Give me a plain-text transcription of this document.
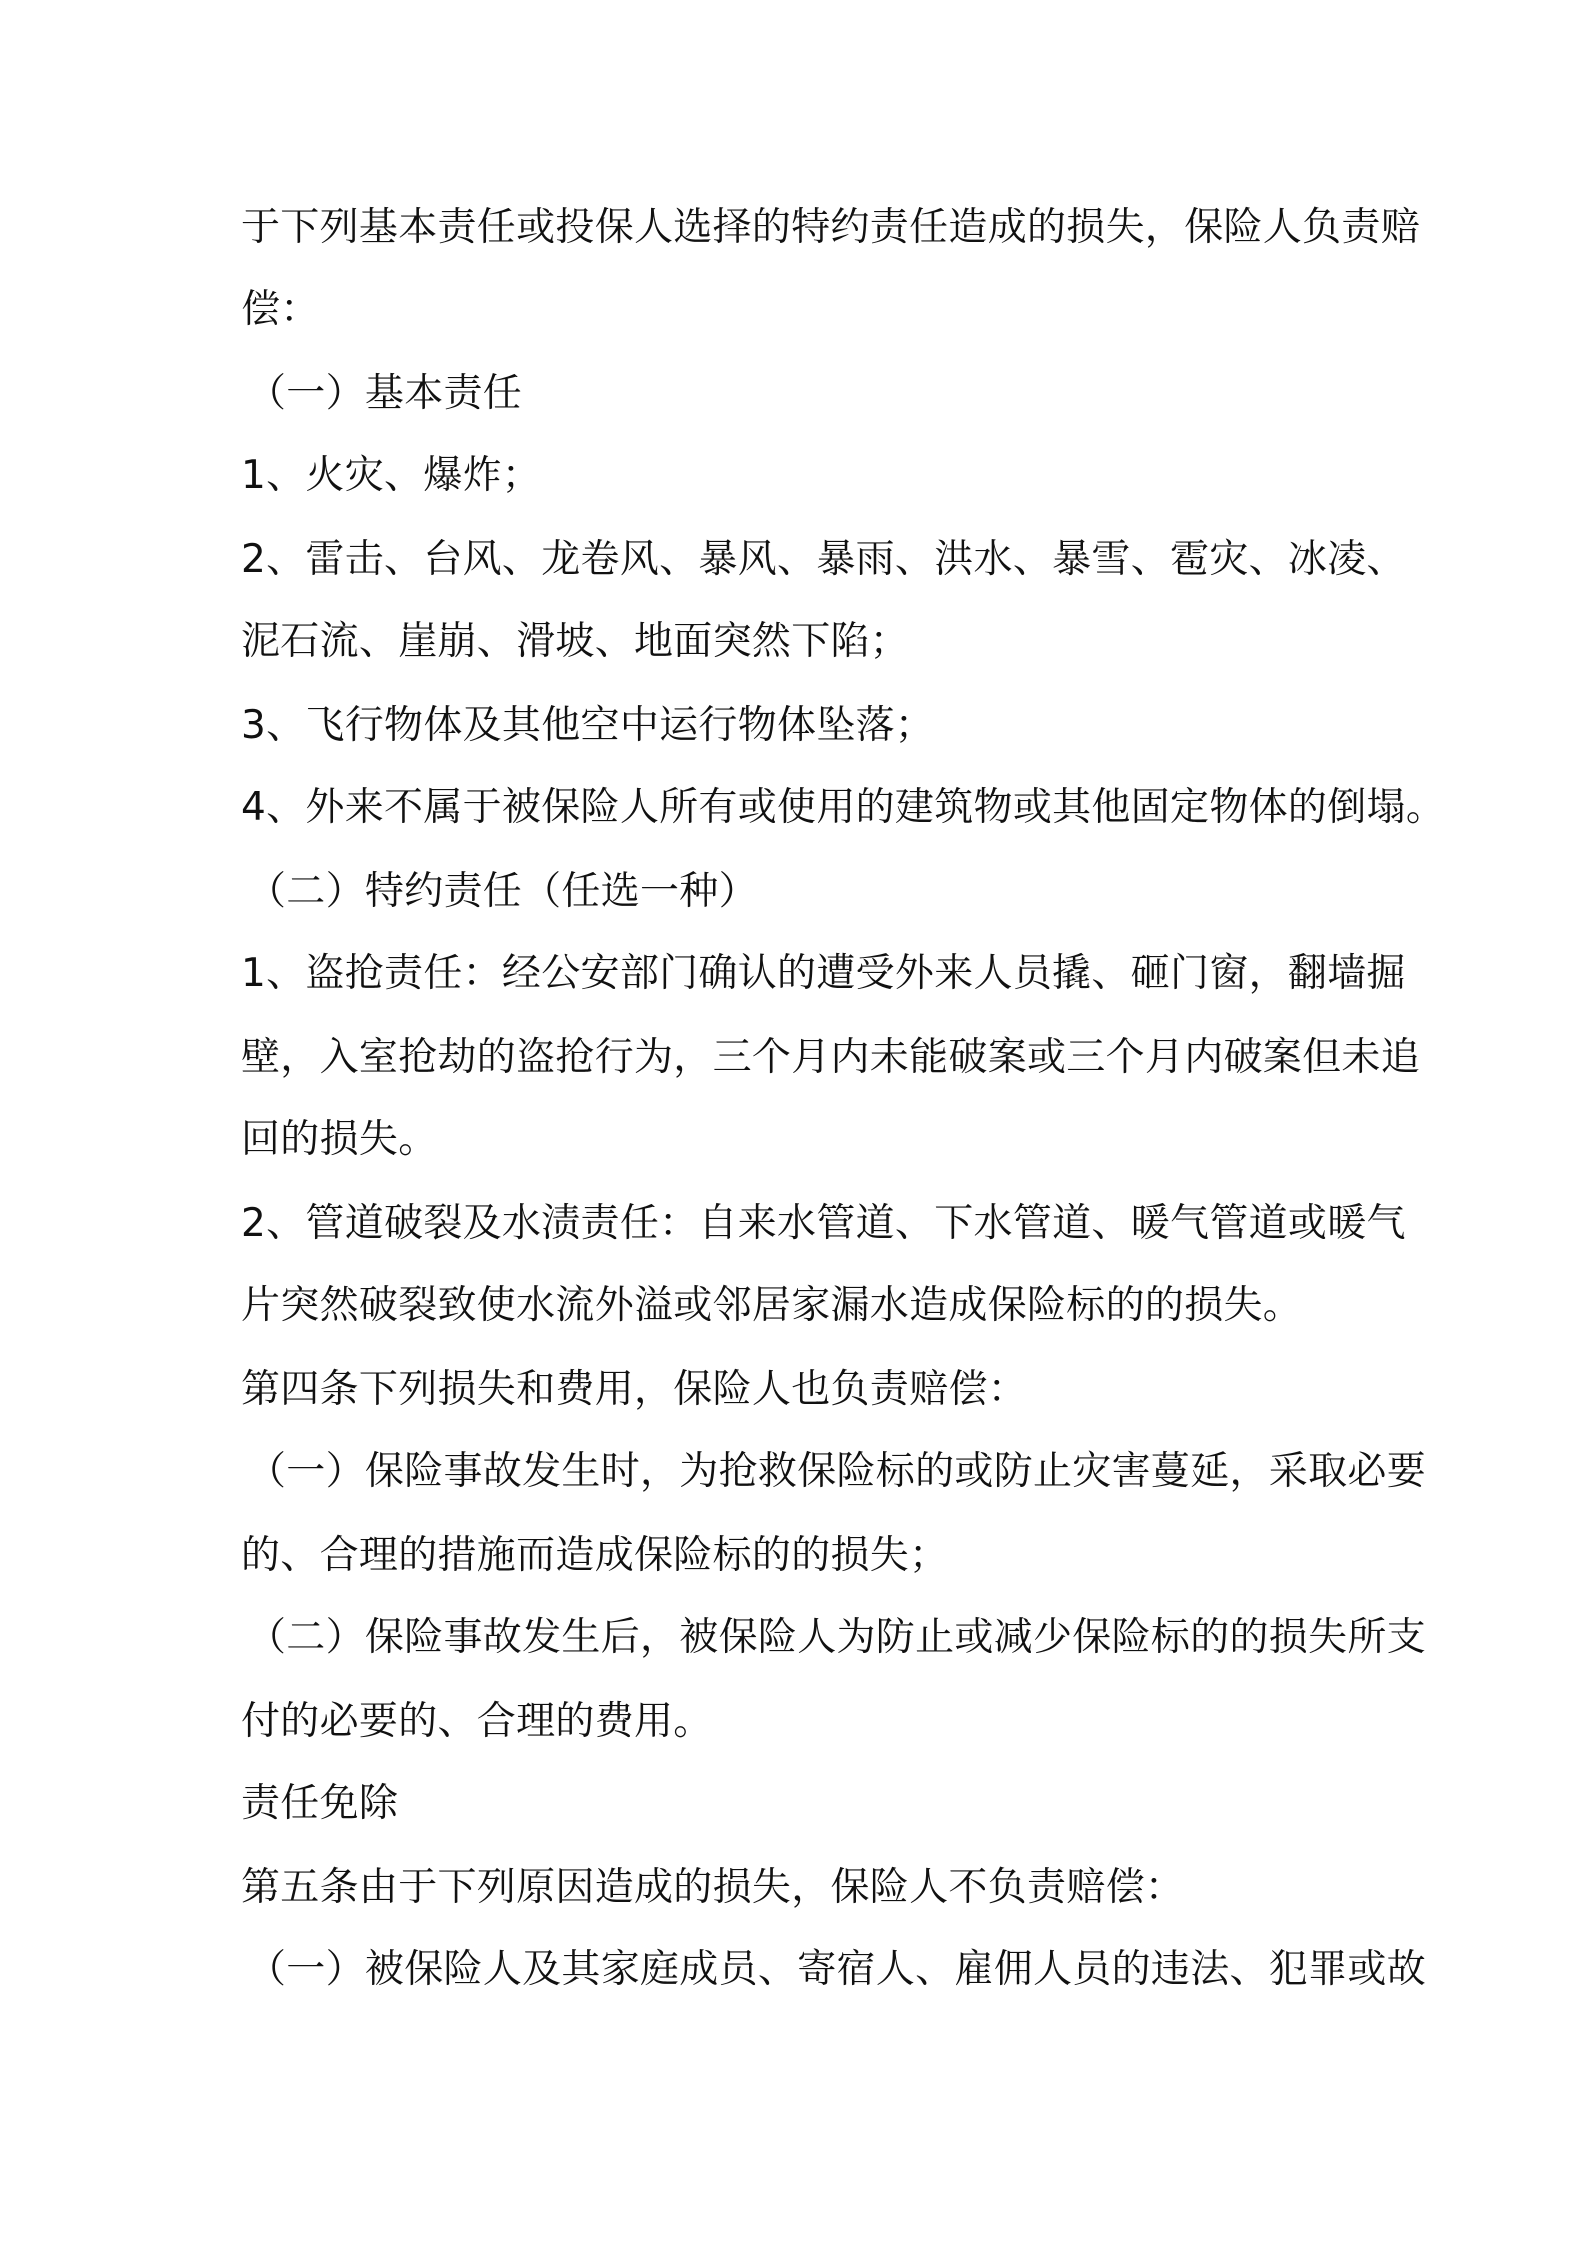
于下列基本责任或投保人选择的特约责任造成的损失，保险人负责赔
偿：
（一）基本责任
1、火灾、爆炸；
2、雷击、台风、龙卷风、暴风、暴雨、洪水、暴雪、雹灾、冰凌、
泥石流、崖崩、滑坡、地面突然下陷；
3、飞行物体及其他空中运行物体坠落；
4、外来不属于被保险人所有或使用的建筑物或其他固定物体的倒塌。
（二）特约责任（任选一种）
1、盗抢责任：经公安部门确认的遭受外来人员撬、砸门窗，翻墙掘
壁，入室抢劫的盗抢行为，三个月内未能破案或三个月内破案但未追
回的损失。
2、管道破裂及水渍责任：自来水管道、下水管道、暖气管道或暖气
片突然破裂致使水流外溢或邻居家漏水造成保险标的的损失。
第四条下列损失和费用，保险人也负责赔偿：
（一）保险事故发生时，为抢救保险标的或防止灾害蔓延，采取必要
的、合理的措施而造成保险标的的损失；
（二）保险事故发生后，被保险人为防止或减少保险标的的损失所支
付的必要的、合理的费用。
责任免除
第五条由于下列原因造成的损失，保险人不负责赔偿：
（一）被保险人及其家庭成员、寄宿人、雇佣人员的违法、犯罪或故
